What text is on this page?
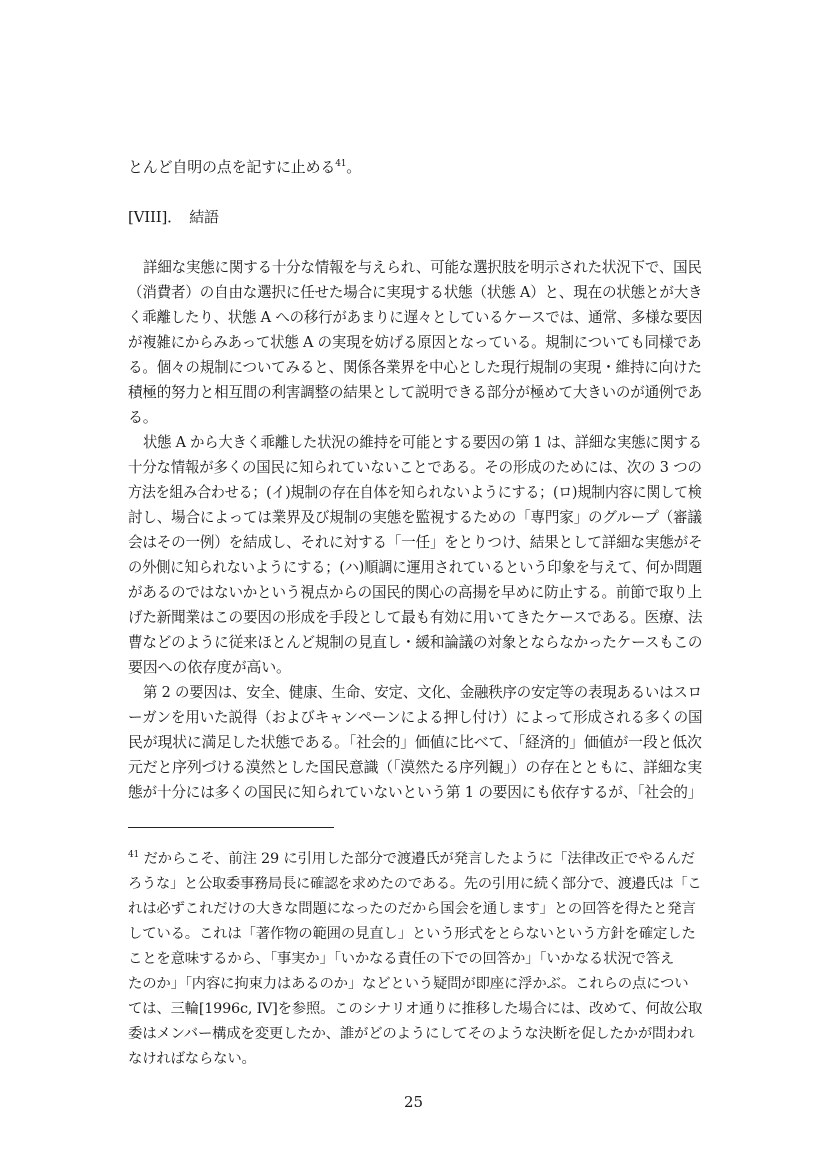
とんど自明の点を記すに止める$^{41}$。

[VIII]．　結語

詳細な実態に関する十分な情報を与えられ、可能な選択肢を明示された状況下で、国民

（消費者）の自由な選択に任せた場合に実現する状態（状態 A）と、現在の状態とが大き

く乖離したり、状態 A への移行があまりに遅々としているケースでは、通常、多様な要因

が複雑にからみあって状態 A の実現を妨げる原因となっている。規制についても同様であ

る。個々の規制についてみると、関係各業界を中心とした現行規制の実現・維持に向けた

積極的努力と相互間の利害調整の結果として説明できる部分が極めて大きいのが通例であ

る。

状態 A から大きく乖離した状況の維持を可能とする要因の第 1 は、詳細な実態に関する

十分な情報が多くの国民に知られていないことである。その形成のためには、次の 3 つの

方法を組み合わせる；(イ)規制の存在自体を知られないようにする；(ロ)規制内容に関して検

討し、場合によっては業界及び規制の実態を監視するための「専門家」のグループ（審議

会はその一例）を結成し、それに対する「一任」をとりつけ、結果として詳細な実態がそ

の外側に知られないようにする；(ハ)順調に運用されているという印象を与えて、何か問題

があるのではないかという視点からの国民的関心の高揚を早めに防止する。前節で取り上

げた新聞業はこの要因の形成を手段として最も有効に用いてきたケースである。医療、法

曹などのように従来ほとんど規制の見直し・緩和論議の対象とならなかったケースもこの

要因への依存度が高い。

第 2 の要因は、安全、健康、生命、安定、文化、金融秩序の安定等の表現あるいはスロ

ーガンを用いた説得（およびキャンペーンによる押し付け）によって形成される多くの国

民が現状に満足した状態である。「社会的」価値に比べて、「経済的」価値が一段と低次

元だと序列づける漠然とした国民意識（「漠然たる序列観」）の存在とともに、詳細な実

態が十分には多くの国民に知られていないという第 1 の要因にも依存するが、「社会的」

$^{41}$ だからこそ、前注 29 に引用した部分で渡邉氏が発言したように「法律改正でやるんだ

ろうな」と公取委事務局長に確認を求めたのである。先の引用に続く部分で、渡邉氏は「こ

れは必ずこれだけの大きな問題になったのだから国会を通します」との回答を得たと発言

している。これは「著作物の範囲の見直し」という形式をとらないという方針を確定した

ことを意味するから、「事実か」「いかなる責任の下での回答か」「いかなる状況で答え

たのか」「内容に拘束力はあるのか」などという疑問が即座に浮かぶ。これらの点につい

ては、三輪[1996c, IV]を参照。このシナリオ通りに推移した場合には、改めて、何故公取

委はメンバー構成を変更したか、誰がどのようにしてそのような決断を促したかが問われ

なければならない。

25
